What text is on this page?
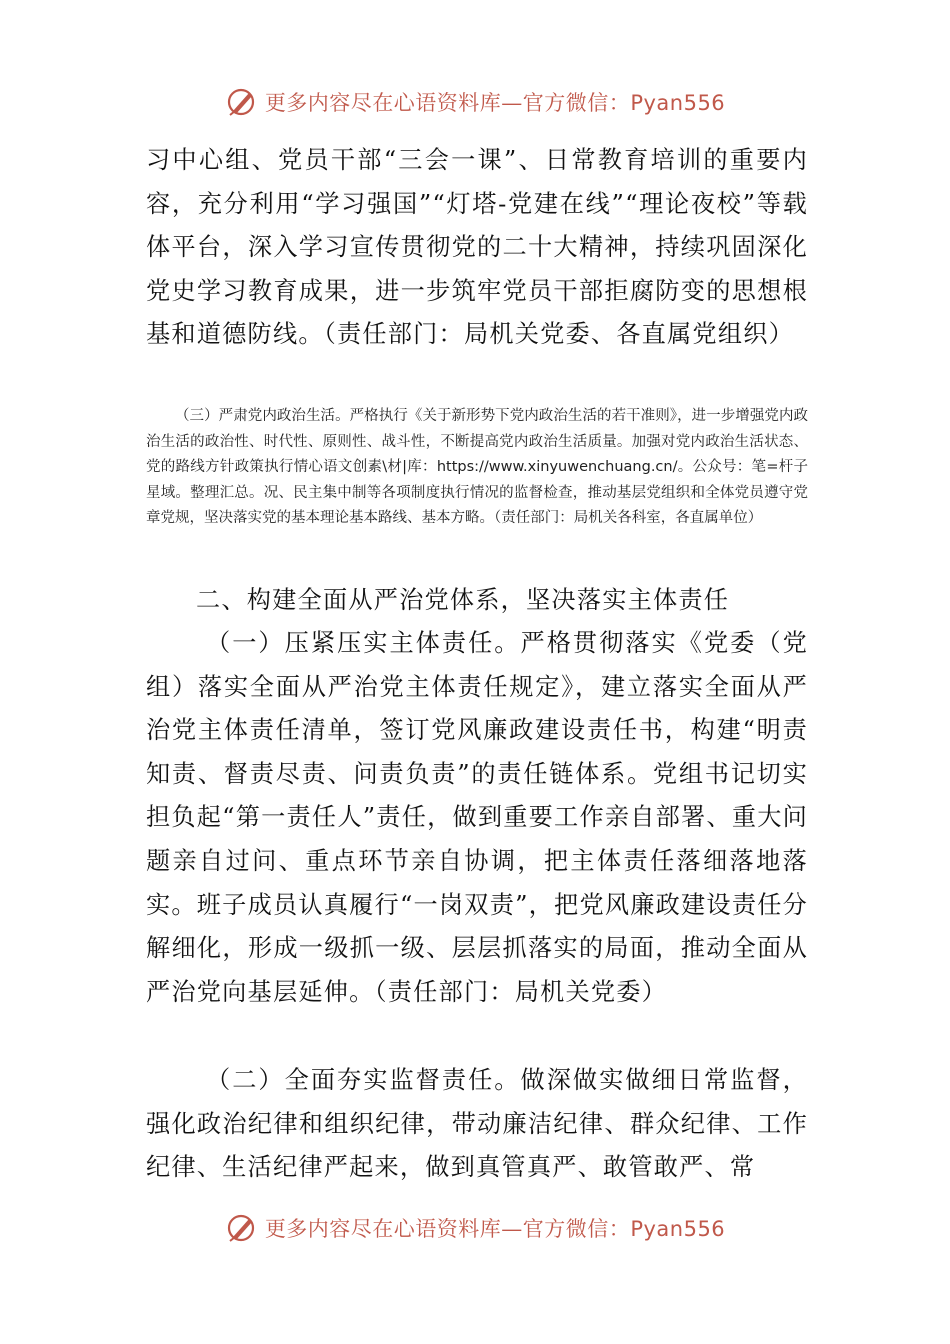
更多内容尽在心语资料库—官方微信：Pyan556

习中心组、党员干部“三会一课”、日常教育培训的重要内容，充分利用“学习强国”“灯塔-党建在线”“理论夜校”等载体平台，深入学习宣传贯彻党的二十大精神，持续巩固深化党史学习教育成果，进一步筑牢党员干部拒腐防变的思想根基和道德防线。（责任部门：局机关党委、各直属党组织）

（三）严肃党内政治生活。严格执行《关于新形势下党内政治生活的若干准则》，进一步增强党内政治生活的政治性、时代性、原则性、战斗性，不断提高党内政治生活质量。加强对党内政治生活状态、党的路线方针政策执行情心语文创素\材|库：https://www.xinyuwenchuang.cn/。公众号：笔=杆子星域。整理汇总。况、民主集中制等各项制度执行情况的监督检查，推动基层党组织和全体党员遵守党章党规，坚决落实党的基本理论基本路线、基本方略。（责任部门：局机关各科室，各直属单位）

二、构建全面从严治党体系，坚决落实主体责任

（一）压紧压实主体责任。严格贯彻落实《党委（党组）落实全面从严治党主体责任规定》，建立落实全面从严治党主体责任清单，签订党风廉政建设责任书，构建“明责知责、督责尽责、问责负责”的责任链体系。党组书记切实担负起“第一责任人”责任，做到重要工作亲自部署、重大问题亲自过问、重点环节亲自协调，把主体责任落细落地落实。班子成员认真履行“一岗双责”，把党风廉政建设责任分解细化，形成一级抓一级、层层抓落实的局面，推动全面从严治党向基层延伸。（责任部门：局机关党委）

（二）全面夯实监督责任。做深做实做细日常监督，强化政治纪律和组织纪律，带动廉洁纪律、群众纪律、工作纪律、生活纪律严起来，做到真管真严、敢管敢严、常

更多内容尽在心语资料库—官方微信：Pyan556
